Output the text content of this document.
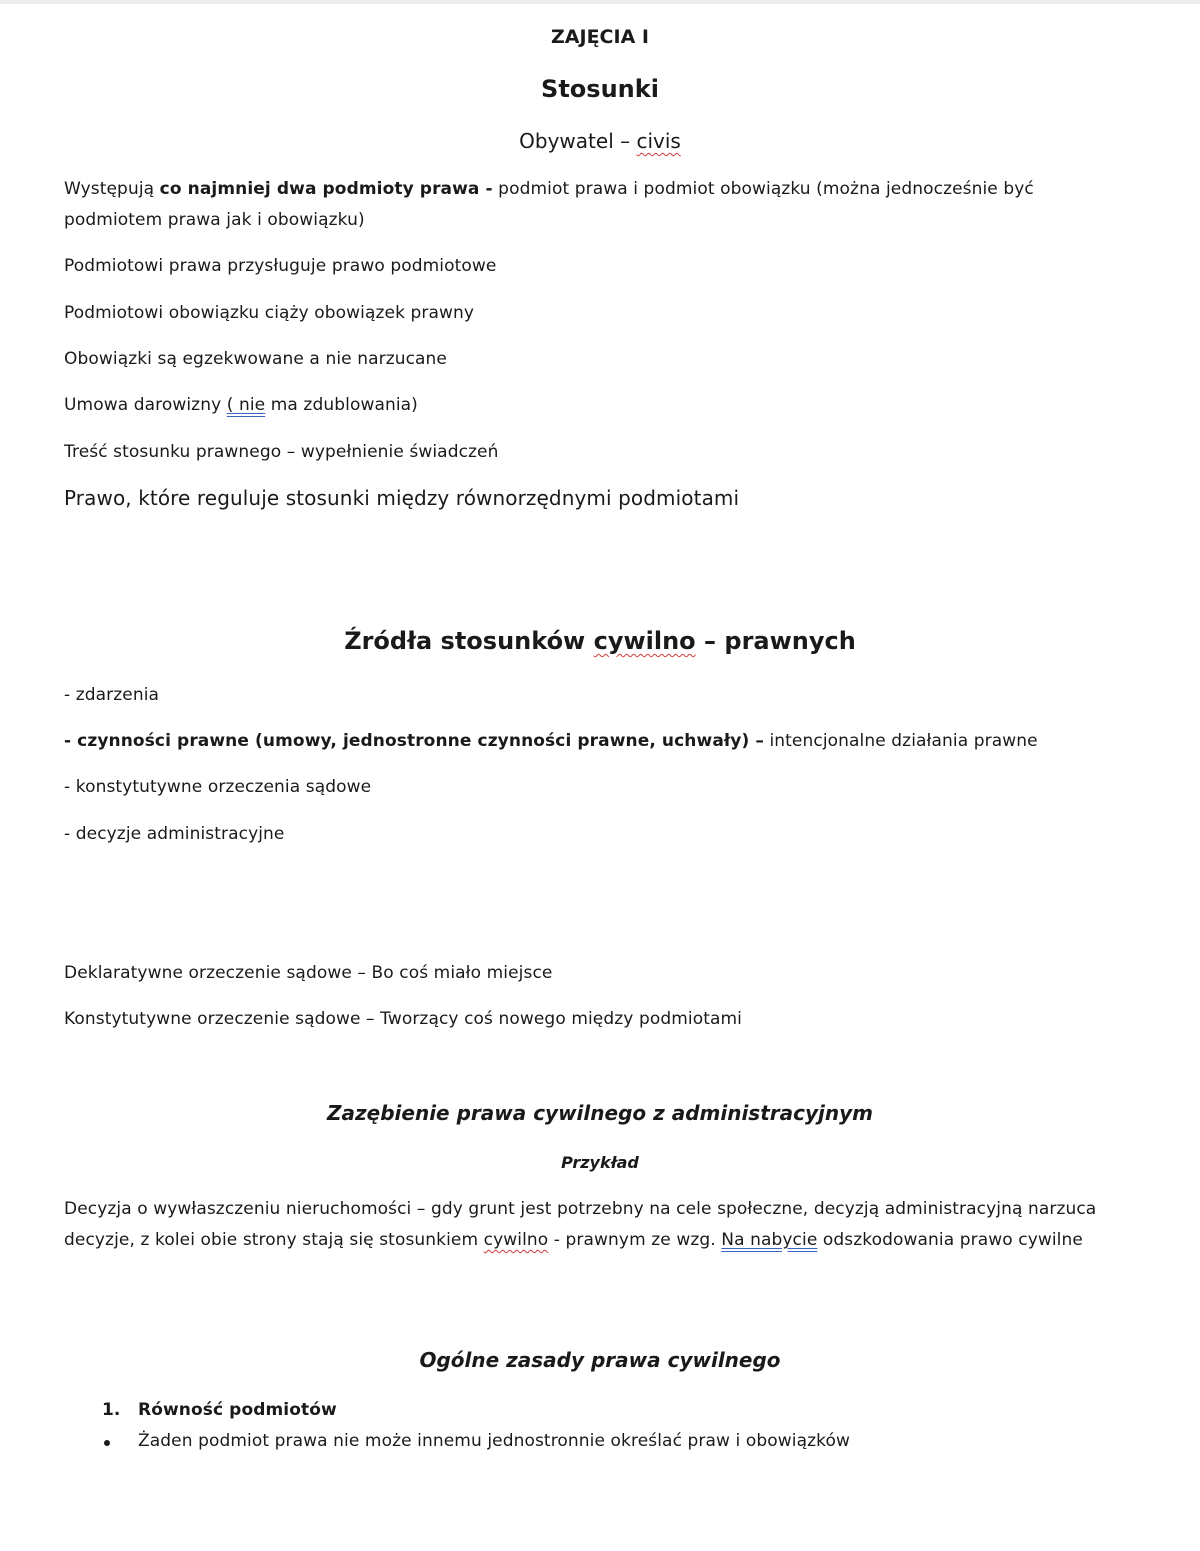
ZAJĘCIA I
Stosunki
Obywatel – civis

Występują co najmniej dwa podmioty prawa - podmiot prawa i podmiot obowiązku (można jednocześnie być podmiotem prawa jak i obowiązku)

Podmiotowi prawa przysługuje prawo podmiotowe
Podmiotowi obowiązku ciąży obowiązek prawny
Obowiązki są egzekwowane a nie narzucane
Umowa darowizny ( nie ma zdublowania)
Treść stosunku prawnego – wypełnienie świadczeń
Prawo, które reguluje stosunki między równorzędnymi podmiotami
Źródła stosunków cywilno – prawnych
- zdarzenia
- czynności prawne (umowy, jednostronne czynności prawne, uchwały) – intencjonalne działania prawne
- konstytutywne orzeczenia sądowe
- decyzje administracyjne
Deklaratywne orzeczenie sądowe – Bo coś miało miejsce
Konstytutywne orzeczenie sądowe – Tworzący coś nowego między podmiotami
Zazębienie prawa cywilnego z administracyjnym
Przykład

Decyzja o wywłaszczeniu nieruchomości – gdy grunt jest potrzebny na cele społeczne, decyzją administracyjną narzuca decyzje, z kolei obie strony stają się stosunkiem cywilno - prawnym ze wzg. Na nabycie odszkodowania prawo cywilne

Ogólne zasady prawa cywilnego
1. Równość podmiotów
Żaden podmiot prawa nie może innemu jednostronnie określać praw i obowiązków
